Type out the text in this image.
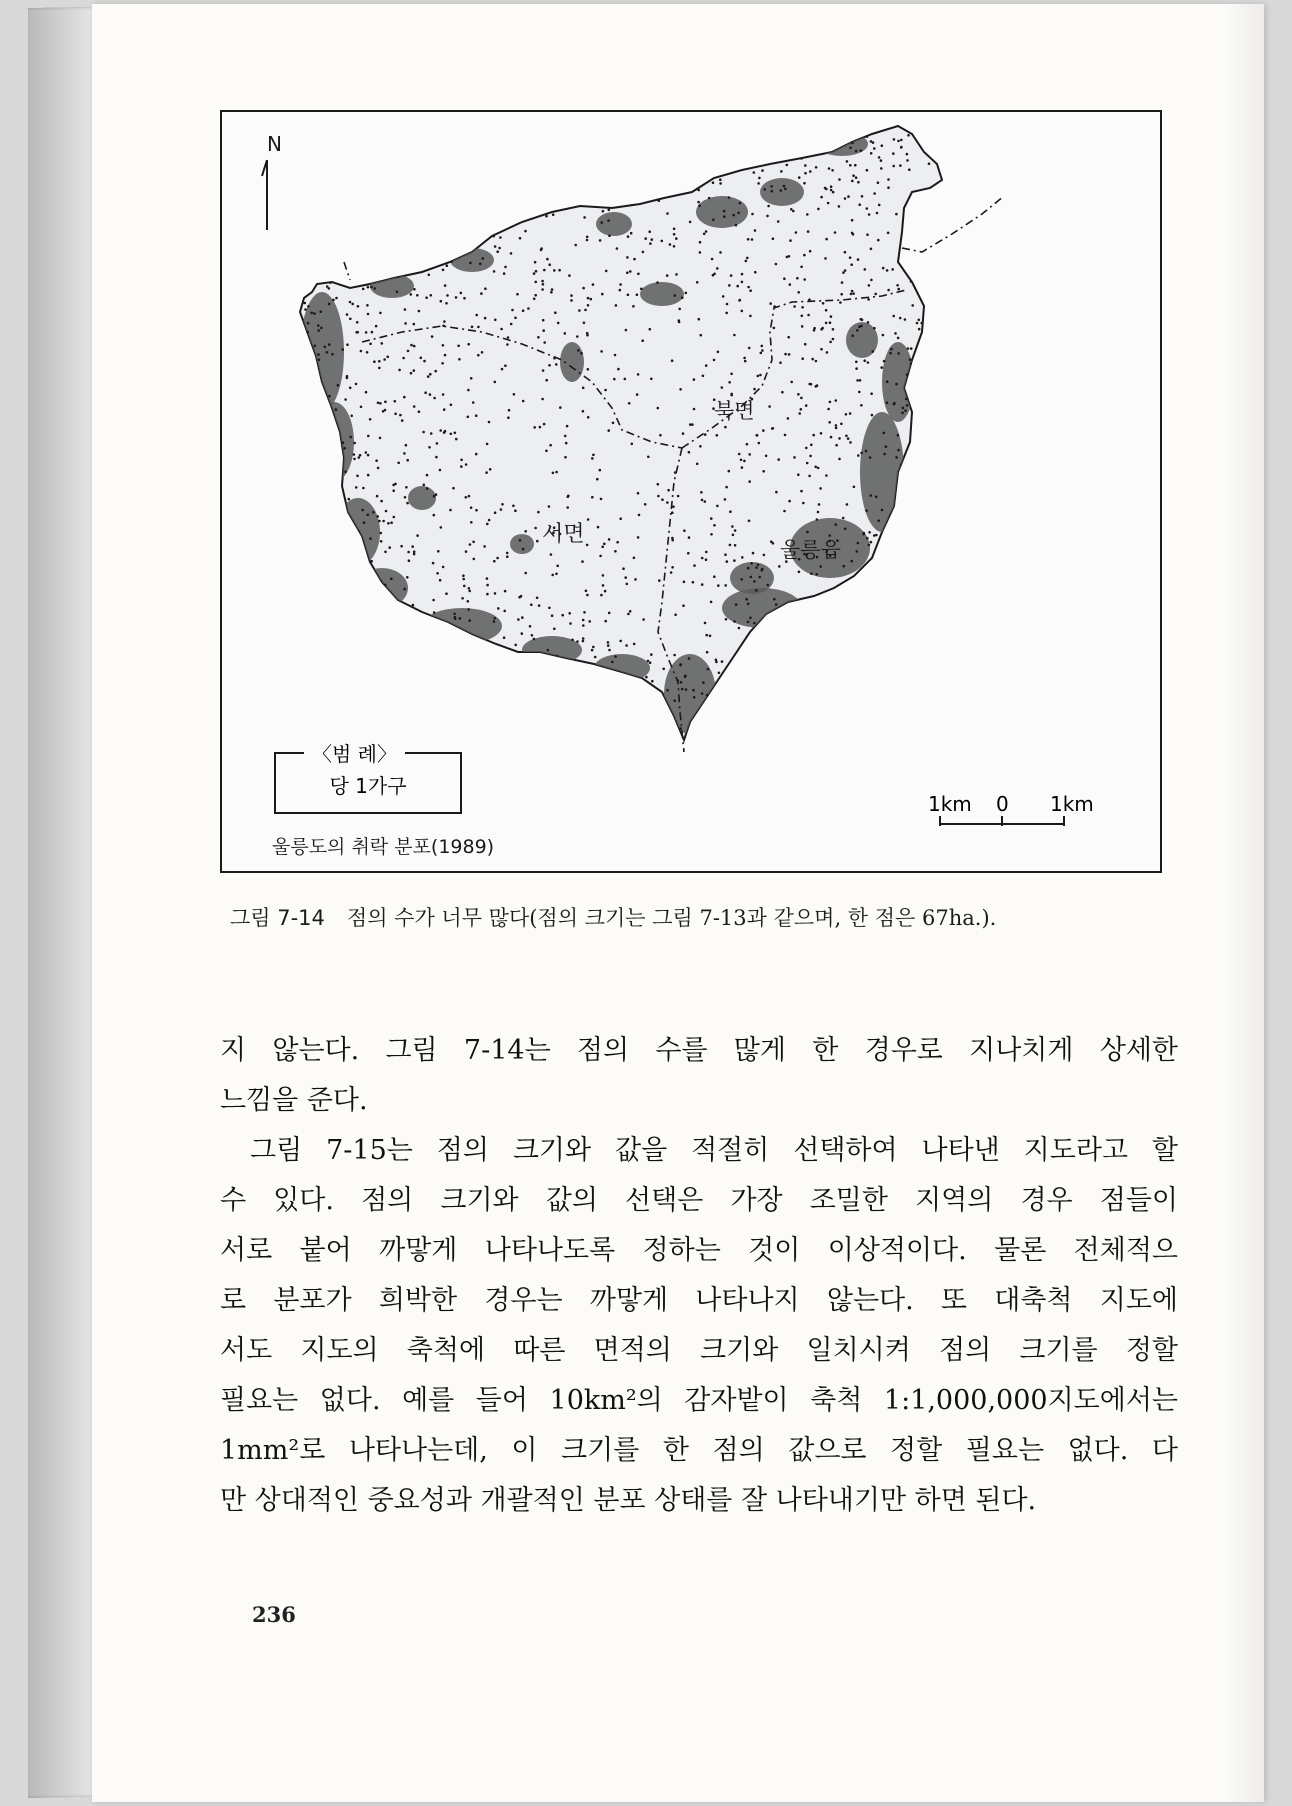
N
북면
서면
울릉읍
〈범 례〉
당 1가구
1km 0 1km
울릉도의 취락 분포(1989)
그림 7-14 점의 수가 너무 많다(점의 크기는 그림 7-13과 같으며, 한 점은 67ha.).
지 않는다. 그림 7-14는 점의 수를 많게 한 경우로 지나치게 상세한
느낌을 준다.
그림 7-15는 점의 크기와 값을 적절히 선택하여 나타낸 지도라고 할
수 있다. 점의 크기와 값의 선택은 가장 조밀한 지역의 경우 점들이
서로 붙어 까맣게 나타나도록 정하는 것이 이상적이다. 물론 전체적으
로 분포가 희박한 경우는 까맣게 나타나지 않는다. 또 대축척 지도에
서도 지도의 축척에 따른 면적의 크기와 일치시켜 점의 크기를 정할
필요는 없다. 예를 들어 10km²의 감자밭이 축척 1:1,000,000지도에서는
1mm²로 나타나는데, 이 크기를 한 점의 값으로 정할 필요는 없다. 다
만 상대적인 중요성과 개괄적인 분포 상태를 잘 나타내기만 하면 된다.
236
